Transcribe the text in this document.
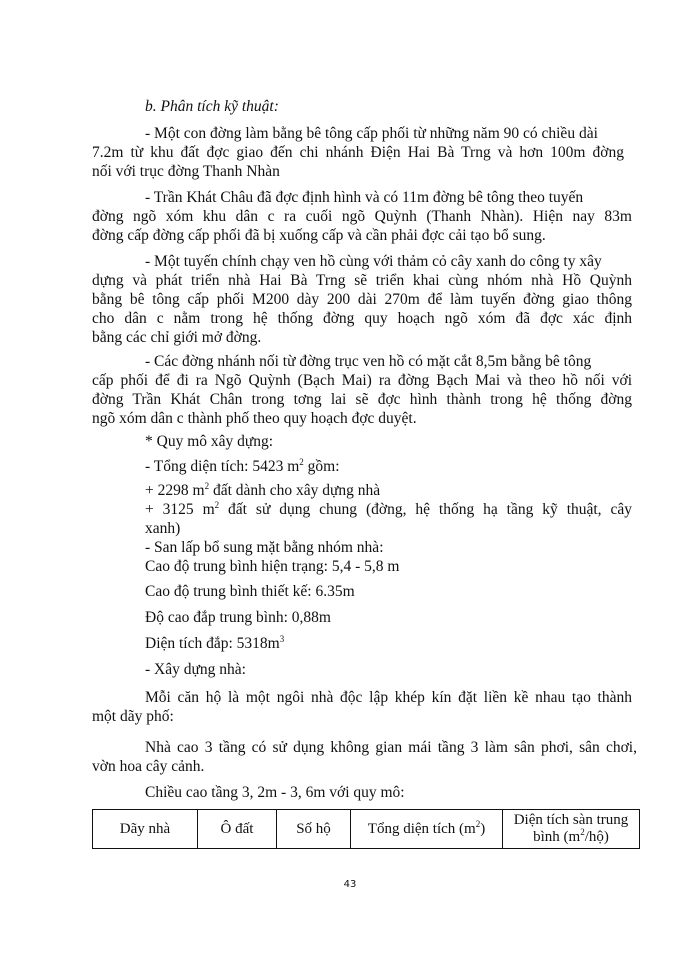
b. Phân tích kỹ thuật:
- Một con đờng làm bằng bê tông cấp phối từ những năm 90 có chiều dài
7.2m từ khu đất đợc giao đến chi nhánh Điện Hai Bà Trng và hơn 100m đờng
nối với trục đờng Thanh Nhàn
- Trần Khát Châu đã đợc định hình và có 11m đờng bê tông theo tuyến
đờng ngõ xóm khu dân c ra cuối ngõ Quỳnh (Thanh Nhàn). Hiện nay 83m
đờng cấp đờng cấp phối đã bị xuống cấp và cần phải đợc cải tạo bổ sung.
- Một tuyến chính chạy ven hồ cùng với thảm cỏ cây xanh do công ty xây
dựng và phát triển nhà Hai Bà Trng sẽ triển khai cùng nhóm nhà Hồ Quỳnh
bằng bê tông cấp phối M200 dày 200 dài 270m để làm tuyến đờng giao thông
cho dân c nằm trong hệ thống đờng quy hoạch ngõ xóm đã đợc xác định
bằng các chỉ giới mở đờng.
- Các đờng nhánh nối từ đờng trục ven hồ có mặt cắt 8,5m bằng bê tông
cấp phối để đi ra Ngõ Quỳnh (Bạch Mai) ra đờng Bạch Mai và theo hồ nối với
đờng Trần Khát Chân trong tơng lai sẽ đợc hình thành trong hệ thống đờng
ngõ xóm dân c thành phố theo quy hoạch đợc duyệt.
* Quy mô xây dựng:
- Tổng diện tích: 5423 $m^2$ gồm:
+ 2298 $m^2$ đất dành cho xây dựng nhà
+ 3125 $m^2$ đất sử dụng chung (đờng, hệ thống hạ tầng kỹ thuật, cây
xanh)
- San lấp bổ sung mặt bằng nhóm nhà:
Cao độ trung bình hiện trạng: 5,4 - 5,8 m
Cao độ trung bình thiết kế: 6.35m
Độ cao đắp trung bình: 0,88m
Diện tích đắp: $5318m^3$
- Xây dựng nhà:
Mỗi căn hộ là một ngôi nhà độc lập khép kín đặt liền kề nhau tạo thành
một dãy phố:
Nhà cao 3 tầng có sử dụng không gian mái tầng 3 làm sân phơi, sân chơi,
vờn hoa cây cảnh.
Chiều cao tầng 3, 2m - 3, 6m với quy mô:
Dãy nhà	Ô đất	Số hộ	Tổng diện tích $(m^2)$	Diện tích sàn trung
bình $(m^2/hộ)$
43
